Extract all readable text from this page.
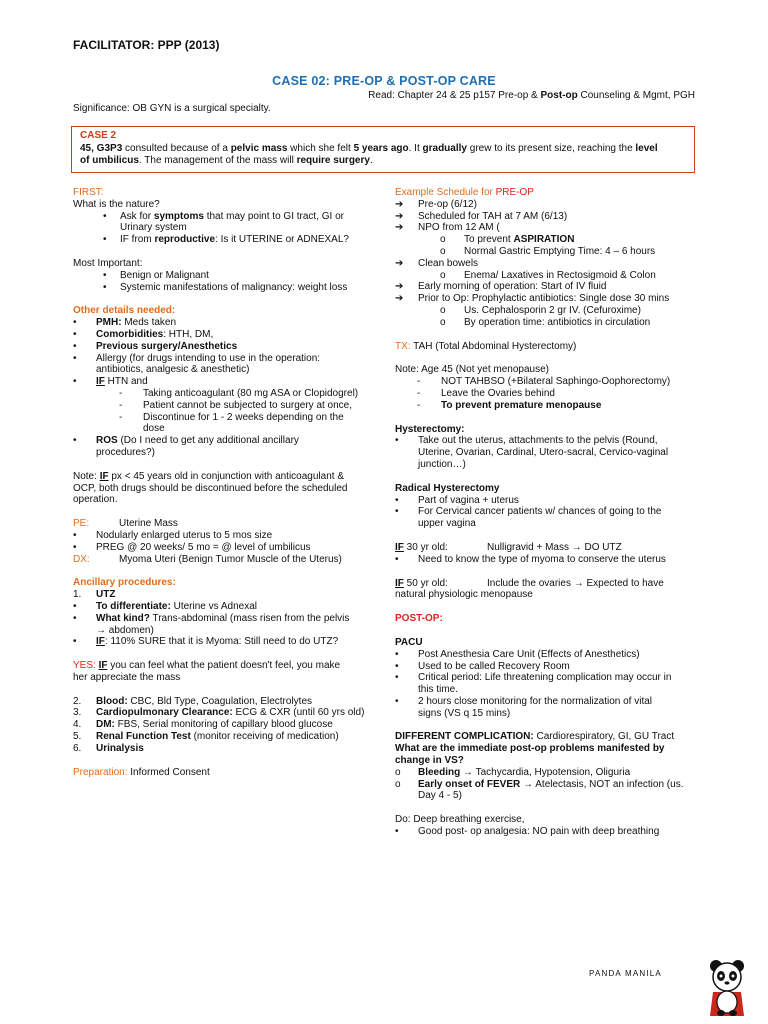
FACILITATOR: PPP (2013)
CASE 02: PRE-OP & POST-OP CARE
Read: Chapter 24 & 25 p157 Pre-op & Post-op Counseling & Mgmt, PGH
Significance: OB GYN is a surgical specialty.
CASE 2
45, G3P3 consulted because of a pelvic mass which she felt 5 years ago. It gradually grew to its present size, reaching the level
of umbilicus. The management of the mass will require surgery.
FIRST:
What is the nature?
• Ask for symptoms that may point to GI tract, GI or
Urinary system
• IF from reproductive: Is it UTERINE or ADNEXAL?
Most Important:
• Benign or Malignant
• Systemic manifestations of malignancy: weight loss
Other details needed:
• PMH: Meds taken
• Comorbidities: HTH, DM,
• Previous surgery/Anesthetics
• Allergy (for drugs intending to use in the operation:
antibiotics, analgesic & anesthetic)
• IF HTN and
- Taking anticoagulant (80 mg ASA or Clopidogrel)
- Patient cannot be subjected to surgery at once,
- Discontinue for 1 - 2 weeks depending on the
dose
• ROS (Do I need to get any additional ancillary
procedures?)
Note: IF px < 45 years old in conjunction with anticoagulant &
OCP, both drugs should be discontinued before the scheduled
operation.
PE:	Uterine Mass
• Nodularly enlarged uterus to 5 mos size
• PREG @ 20 weeks/ 5 mo = @ level of umbilicus
DX:	Myoma Uteri (Benign Tumor Muscle of the Uterus)
Ancillary procedures:
1. UTZ
• To differentiate: Uterine vs Adnexal
• What kind? Trans-abdominal (mass risen from the pelvis
→ abdomen)
• IF: 110% SURE that it is Myoma: Still need to do UTZ?
YES: IF you can feel what the patient doesn't feel, you make
her appreciate the mass
2. Blood: CBC, Bld Type, Coagulation, Electrolytes
3. Cardiopulmonary Clearance: ECG & CXR (until 60 yrs old)
4. DM: FBS, Serial monitoring of capillary blood glucose
5. Renal Function Test (monitor receiving of medication)
6. Urinalysis
Preparation: Informed Consent
Example Schedule for PRE-OP
➔ Pre-op (6/12)
➔ Scheduled for TAH at 7 AM (6/13)
➔ NPO from 12 AM (
o To prevent ASPIRATION
o Normal Gastric Emptying Time: 4 – 6 hours
➔ Clean bowels
o Enema/ Laxatives in Rectosigmoid & Colon
➔ Early morning of operation: Start of IV fluid
➔ Prior to Op: Prophylactic antibiotics: Single dose 30 mins
o Us. Cephalosporin 2 gr IV. (Cefuroxime)
o By operation time: antibiotics in circulation
TX: TAH (Total Abdominal Hysterectomy)
Note: Age 45 (Not yet menopause)
- NOT TAHBSO (+Bilateral Saphingo-Oophorectomy)
- Leave the Ovaries behind
- To prevent premature menopause
Hysterectomy:
• Take out the uterus, attachments to the pelvis (Round,
Uterine, Ovarian, Cardinal, Utero-sacral, Cervico-vaginal
junction…)
Radical Hysterectomy
• Part of vagina + uterus
• For Cervical cancer patients w/ chances of going to the
upper vagina
IF 30 yr old:	Nulligravid + Mass → DO UTZ
• Need to know the type of myoma to conserve the uterus
IF 50 yr old:	Include the ovaries → Expected to have
natural physiologic menopause
POST-OP:
PACU
• Post Anesthesia Care Unit (Effects of Anesthetics)
• Used to be called Recovery Room
• Critical period: Life threatening complication may occur in
this time.
• 2 hours close monitoring for the normalization of vital
signs (VS q 15 mins)
DIFFERENT COMPLICATION: Cardiorespiratory, GI, GU Tract
What are the immediate post-op problems manifested by
change in VS?
o Bleeding → Tachycardia, Hypotension, Oliguria
o Early onset of FEVER → Atelectasis, NOT an infection (us.
Day 4 - 5)
Do: Deep breathing exercise,
• Good post- op analgesia: NO pain with deep breathing
PANDA MANILA
